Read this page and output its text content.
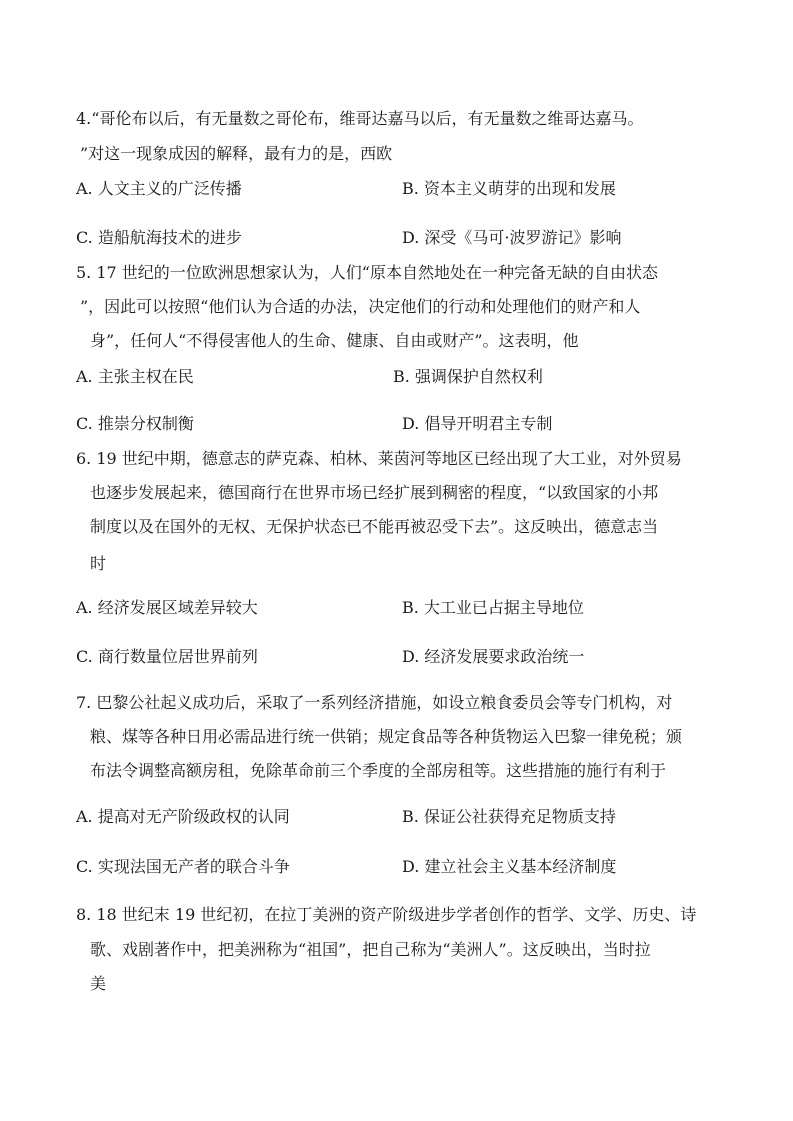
4.“哥伦布以后，有无量数之哥伦布，维哥达嘉马以后，有无量数之维哥达嘉马。
”对这一现象成因的解释，最有力的是，西欧
A. 人文主义的广泛传播	B. 资本主义萌芽的出现和发展
C. 造船航海技术的进步	D. 深受《马可·波罗游记》影响
5. 17 世纪的一位欧洲思想家认为，人们“原本自然地处在一种完备无缺的自由状态
”，因此可以按照“他们认为合适的办法，决定他们的行动和处理他们的财产和人
身”，任何人“不得侵害他人的生命、健康、自由或财产”。这表明，他
A. 主张主权在民	B. 强调保护自然权利
C. 推崇分权制衡	D. 倡导开明君主专制
6. 19 世纪中期，德意志的萨克森、柏林、莱茵河等地区已经出现了大工业，对外贸易
也逐步发展起来，德国商行在世界市场已经扩展到稠密的程度，“以致国家的小邦
制度以及在国外的无权、无保护状态已不能再被忍受下去”。这反映出，德意志当
时
A. 经济发展区域差异较大	B. 大工业已占据主导地位
C. 商行数量位居世界前列	D. 经济发展要求政治统一
7. 巴黎公社起义成功后，采取了一系列经济措施，如设立粮食委员会等专门机构，对
粮、煤等各种日用必需品进行统一供销；规定食品等各种货物运入巴黎一律免税；颁
布法令调整高额房租，免除革命前三个季度的全部房租等。这些措施的施行有利于
A. 提高对无产阶级政权的认同	B. 保证公社获得充足物质支持
C. 实现法国无产者的联合斗争	D. 建立社会主义基本经济制度
8. 18 世纪末 19 世纪初，在拉丁美洲的资产阶级进步学者创作的哲学、文学、历史、诗
歌、戏剧著作中，把美洲称为“祖国”，把自己称为“美洲人”。这反映出，当时拉
美
